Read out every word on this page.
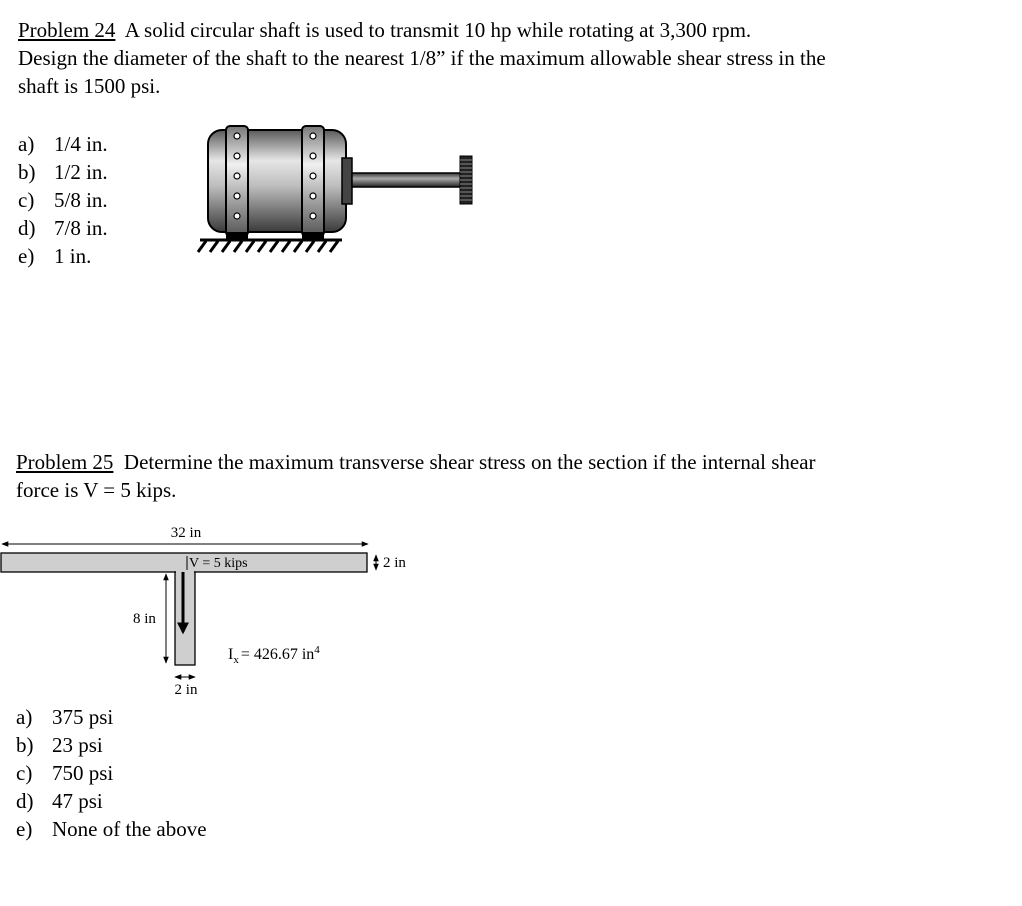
Problem 24 A solid circular shaft is used to transmit 10 hp while rotating at 3,300 rpm.
Design the diameter of the shaft to the nearest 1/8” if the maximum allowable shear stress in the
shaft is 1500 psi.
a) 1/4 in.
b) 1/2 in.
c) 5/8 in.
d) 7/8 in.
e) 1 in.
Problem 25 Determine the maximum transverse shear stress on the section if the internal shear
force is V = 5 kips.
32 in
V = 5 kips	2 in
8 in
2 in
$I_x = 426.67$ $in^4$
a) 375 psi
b) 23 psi
c) 750 psi
d) 47 psi
e) None of the above
